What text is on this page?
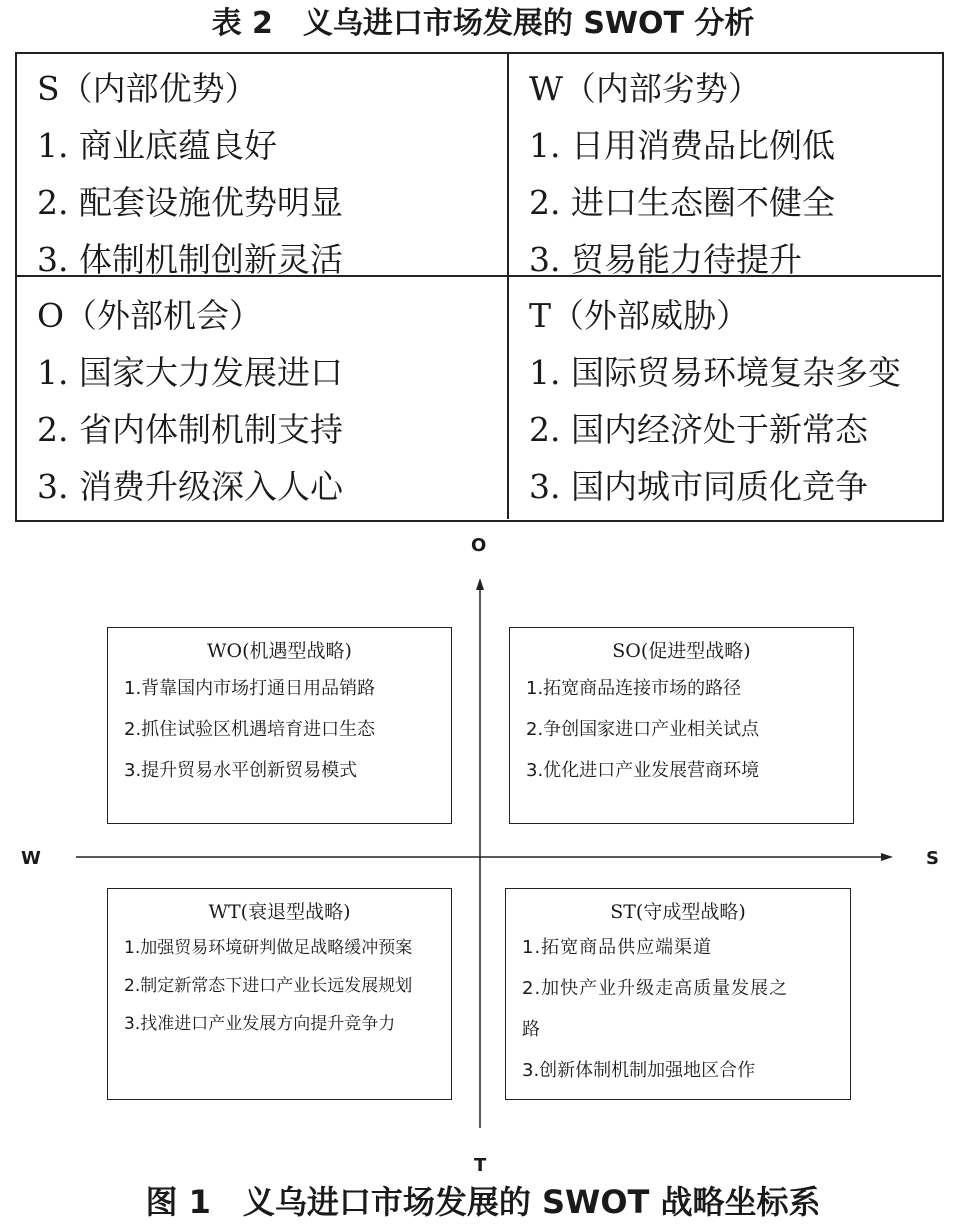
表 2　义乌进口市场发展的 SWOT 分析
S（内部优势）
1. 商业底蕴良好
2. 配套设施优势明显
3. 体制机制创新灵活
W（内部劣势）
1. 日用消费品比例低
2. 进口生态圈不健全
3. 贸易能力待提升
O（外部机会）
1. 国家大力发展进口
2. 省内体制机制支持
3. 消费升级深入人心
T（外部威胁）
1. 国际贸易环境复杂多变
2. 国内经济处于新常态
3. 国内城市同质化竞争
O
T
W	S
WO(机遇型战略)
1.背靠国内市场打通日用品销路
2.抓住试验区机遇培育进口生态
3.提升贸易水平创新贸易模式
SO(促进型战略)
1.拓宽商品连接市场的路径
2.争创国家进口产业相关试点
3.优化进口产业发展营商环境
WT(衰退型战略)
1.加强贸易环境研判做足战略缓冲预案
2.制定新常态下进口产业长远发展规划
3.找准进口产业发展方向提升竞争力
ST(守成型战略)
1.拓宽商品供应端渠道
2.加快产业升级走高质量发展之
路
3.创新体制机制加强地区合作
图 1　义乌进口市场发展的 SWOT 战略坐标系
